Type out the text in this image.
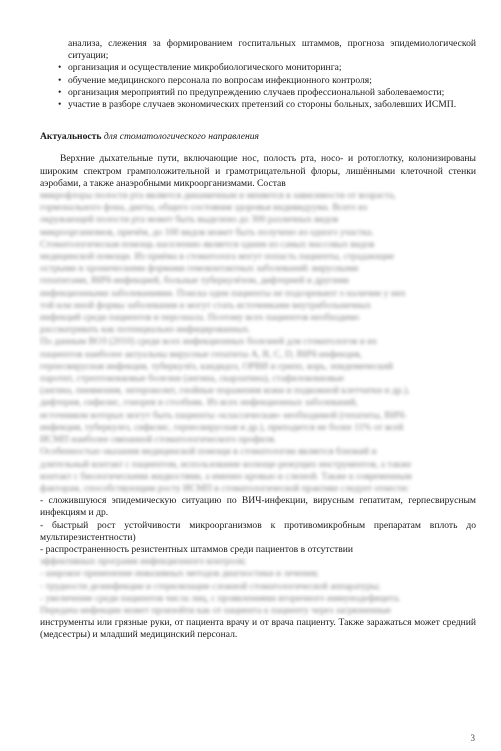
анализа, слежения за формированием госпитальных штаммов, прогноза эпидемиологической ситуации;
• организация и осуществление микробиологического мониторинга;
• обучение медицинского персонала по вопросам инфекционного контроля;
• организация мероприятий по предупреждению случаев профессиональной заболеваемости;
• участие в разборе случаев экономических претензий со стороны больных, заболевших ИСМП.
Актуальность для стоматологического направления
Верхние дыхательные пути, включающие нос, полость рта, носо- и ротоглотку, колонизированы широким спектром грамположительной и грамотрицательной флоры, лишёнными клеточной стенки аэробами, а также анаэробными микроорганизмами. Состав
микрофлоры полости рта является динамичным и меняется в зависимости от возраста,
гормонального фона, диеты, общего состояния здоровья индивидуума. Всего из
окружающей полости рта может быть выделено до 300 различных видов
микроорганизмов, причём, до 100 видов может быть получено из одного участка.
Стоматологическая помощь населению является одним из самых массовых видов
медицинской помощи. Из приёма в стоматолога могут попасть пациенты, страдающие
острыми и хроническими формами гемоконтактных заболеваний: вирусными
гепатитами, ВИЧ-инфекцией, больные туберкулёзом, дифтерией и другими
инфекционными заболеваниями. Поиска одни пациенты не подозревают о наличии у них
той или иной формы заболевания и могут стать источниками внутрибольничных
инфекций среди пациентов и персонала. Поэтому всех пациентов необходимо
рассматривать как потенциально инфицированных.
По данным ВОЗ (2010) среди всех инфекционных болезней для стоматологов и их
пациентов наиболее актуальны вирусные гепатиты А, В, С, D, ВИЧ-инфекция,
герпесвирусная инфекция, туберкулёз, кандидоз, ОРВИ и грипп, корь, эпидемический
паротит, стрептококковые болезни (ангина, скарлатина), стафилококковые
(ангина, пневмония, энтероколит, гнойные поражения кожи и подкожной клетчатки и др.),
дифтерия, сифилис, гонорея и столбняк. Из всех инфекционных заболеваний,
источником которых могут быть пациенты «классическая» необходимой (гепатиты, ВИЧ-
инфекция, туберкулез, сифилис, герпесвирусная и др.), приходится не более 11% от всей
ИСМП наиболее связанной стоматологического профиля.
Особенностью оказания медицинской помощи в стоматологии является близкий и
длительный контакт с пациентом, использование колюще-режущих инструментов, а также
контакт с биологическими жидкостями, а именно кровью и слюной. Также к современным
факторам, способствующим росту ИСМП в стоматологической практике следует отнести:
- сложившуюся эпидемическую ситуацию по ВИЧ-инфекции, вирусным гепатитам, герпесвирусным инфекциям и др.
- быстрый рост устойчивости микроорганизмов к противомикробным препаратам вплоть до мультирезистентности)
- распространенность резистентных штаммов среди пациентов в отсутствии
эффективных программ инфекционного контроля;
- широкое применение инвазивных методов диагностики и лечения;
- трудности дезинфекции и стерилизации сложной стоматологической аппаратуры;
- увеличение среди пациентов числа лиц, с проявлениями вторичного иммунодефицита.
Передача инфекции может произойти как от пациента к пациенту через загрязненные
инструменты или грязные руки, от пациента врачу и от врача пациенту. Также заражаться может средний (медсестры) и младший медицинский персонал.
3
